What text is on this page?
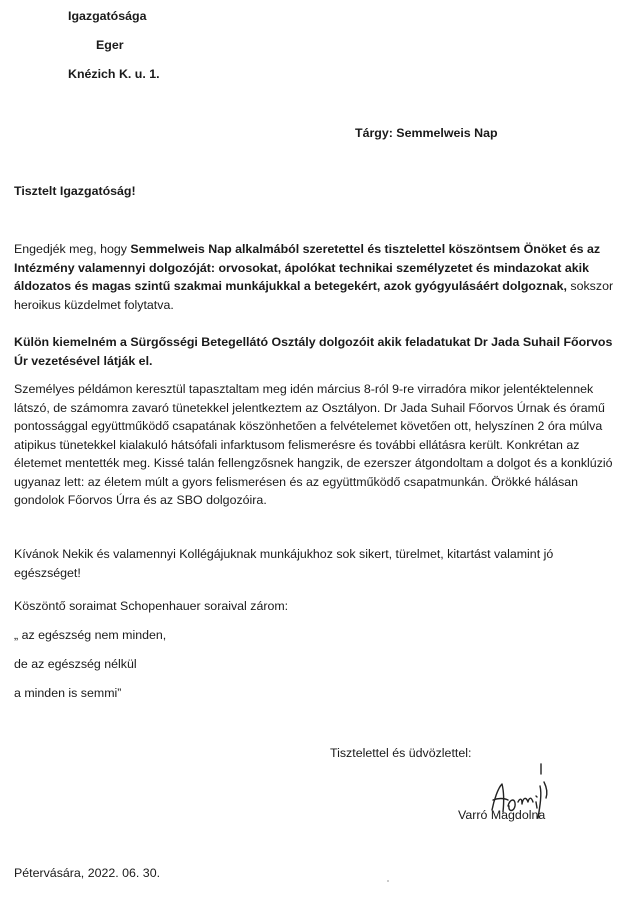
Igazgatósága
Eger
Knézich K. u. 1.
Tárgy: Semmelweis Nap
Tisztelt Igazgatóság!

Engedjék meg, hogy Semmelweis Nap alkalmából szeretettel és tisztelettel köszöntsem Önöket és az Intézmény valamennyi dolgozóját: orvosokat, ápolókat technikai személyzetet és mindazokat akik áldozatos és magas szintű szakmai munkájukkal a betegekért, azok gyógyulásáért dolgoznak, sokszor heroikus küzdelmet folytatva.

Külön kiemelném a Sürgősségi Betegellátó Osztály dolgozóit akik feladatukat Dr Jada Suhail Főorvos Úr vezetésével látják el.
Személyes példámon keresztül tapasztaltam meg idén március 8-ról 9-re virradóra mikor jelentéktelennek látszó, de számomra zavaró tünetekkel jelentkeztem az Osztályon. Dr Jada Suhail Főorvos Úrnak és óramű pontossággal együttműködő csapatának köszönhetően a felvételemet követően ott, helyszínen 2 óra múlva atipikus tünetekkel kialakuló hátsófali infarktusom felismerésre és további ellátásra került. Konkrétan az életemet mentették meg. Kissé talán fellengzősnek hangzik, de ezerszer átgondoltam a dolgot és a konklúzió ugyanaz lett: az életem múlt a gyors felismerésen és az együttműködő csapatmunkán. Örökké hálásan gondolok Főorvos Úrra és az SBO dolgozóira.
Kívánok Nekik és valamennyi Kollégájuknak munkájukhoz sok sikert, türelmet, kitartást valamint jó egészséget!
Köszöntő soraimat Schopenhauer soraival zárom:
„ az egészség nem minden,
de az egészség nélkül
a minden is semmi”
Tisztelettel és üdvözlettel:
Varró Magdolna
Pétervására, 2022. 06. 30.
